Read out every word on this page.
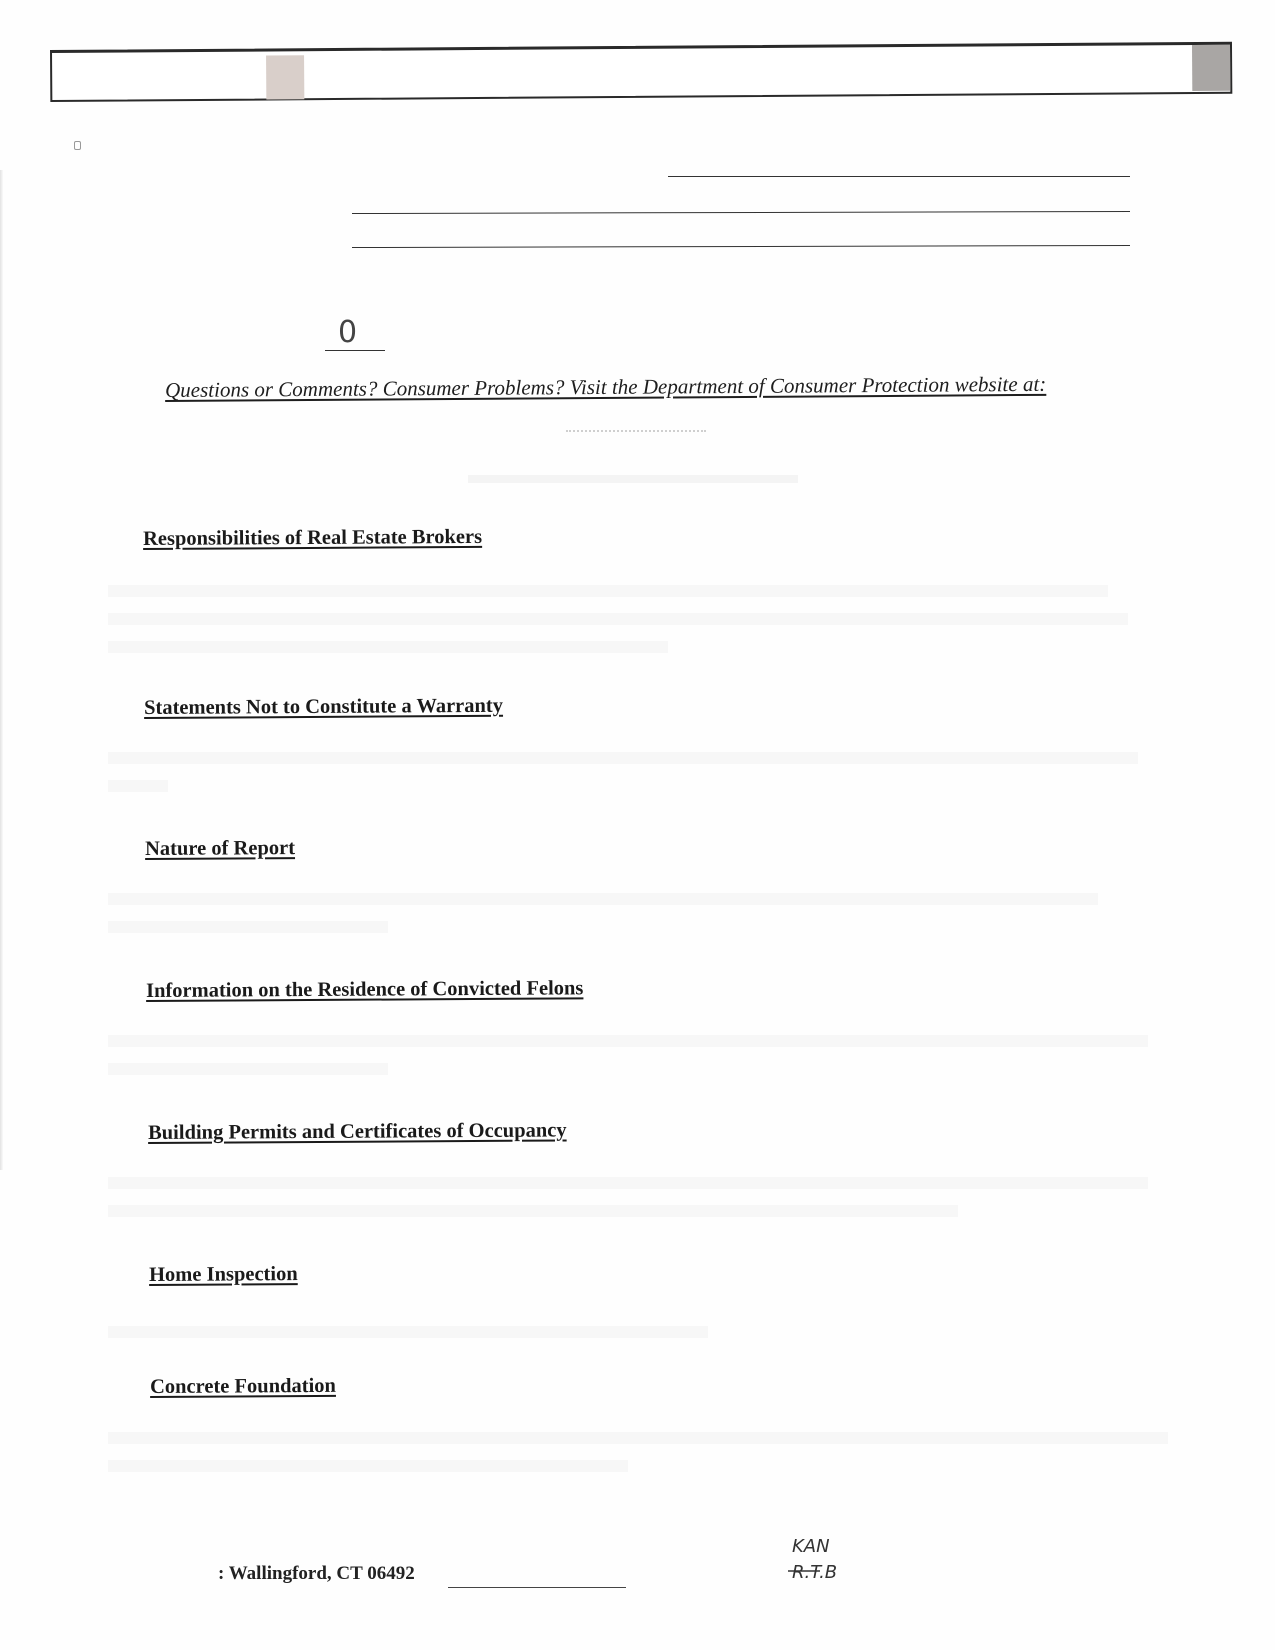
0
Questions or Comments? Consumer Problems? Visit the Department of Consumer Protection website at:
Responsibilities of Real Estate Brokers
Statements Not to Constitute a Warranty
Nature of Report
Information on the Residence of Convicted Felons
Building Permits and Certificates of Occupancy
Home Inspection
Concrete Foundation
: Wallingford, CT 06492
KAN
R.T.B
